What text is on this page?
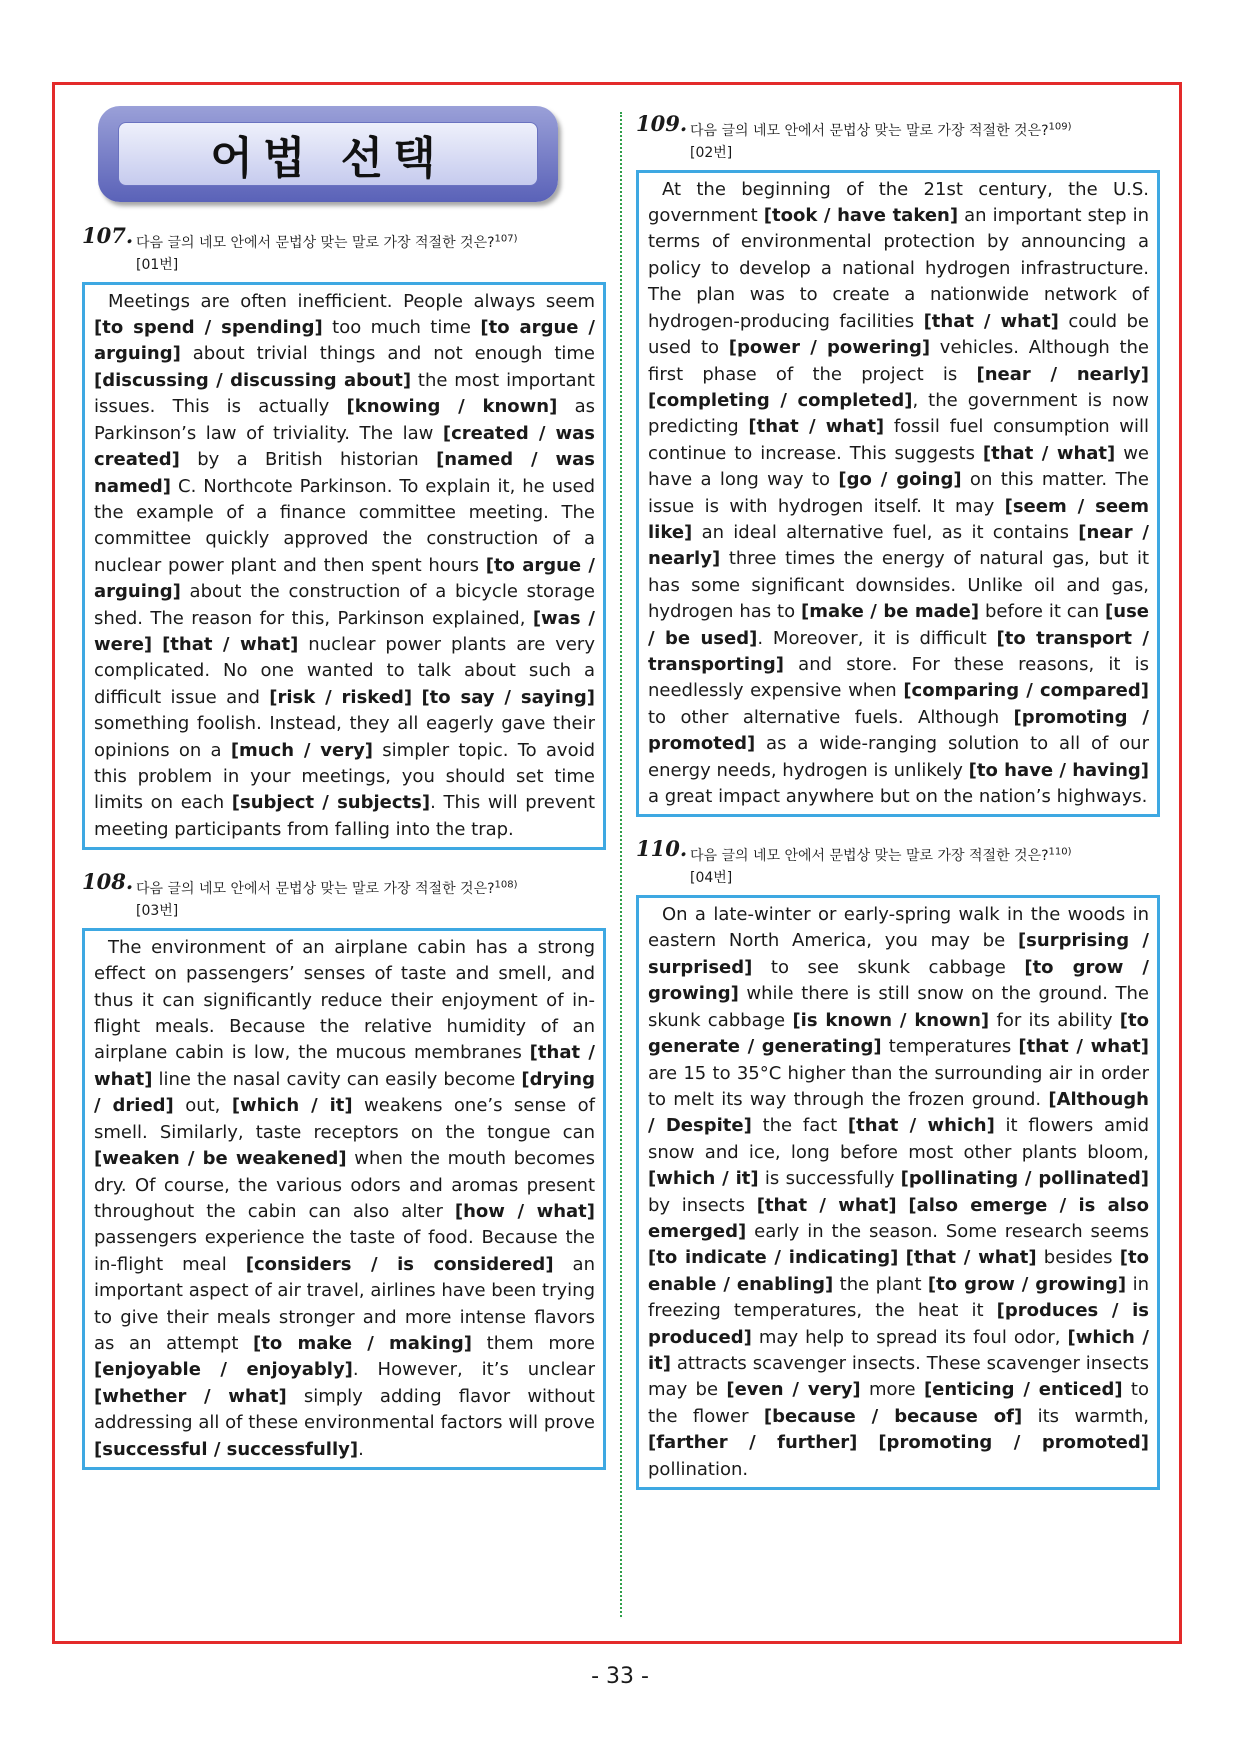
어법 선택
107. 다음 글의 네모 안에서 문법상 맞는 말로 가장 적절한 것은?$^{107)}$
[01번]
Meetings are often inefficient. People always seem [to spend / spending] too much time [to argue / arguing] about trivial things and not enough time [discussing / discussing about] the most important issues. This is actually [knowing / known] as Parkinson’s law of triviality. The law [created / was created] by a British historian [named / was named] C. Northcote Parkinson. To explain it, he used the example of a finance committee meeting. The committee quickly approved the construction of a nuclear power plant and then spent hours [to argue / arguing] about the construction of a bicycle storage shed. The reason for this, Parkinson explained, [was / were] [that / what] nuclear power plants are very complicated. No one wanted to talk about such a difficult issue and [risk / risked] [to say / saying] something foolish. Instead, they all eagerly gave their opinions on a [much / very] simpler topic. To avoid this problem in your meetings, you should set time limits on each [subject / subjects]. This will prevent meeting participants from falling into the trap.
108. 다음 글의 네모 안에서 문법상 맞는 말로 가장 적절한 것은?$^{108)}$
[03번]
The environment of an airplane cabin has a strong effect on passengers’ senses of taste and smell, and thus it can significantly reduce their enjoyment of in-flight meals. Because the relative humidity of an airplane cabin is low, the mucous membranes [that / what] line the nasal cavity can easily become [drying / dried] out, [which / it] weakens one’s sense of smell. Similarly, taste receptors on the tongue can [weaken / be weakened] when the mouth becomes dry. Of course, the various odors and aromas present throughout the cabin can also alter [how / what] passengers experience the taste of food. Because the in-flight meal [considers / is considered] an important aspect of air travel, airlines have been trying to give their meals stronger and more intense flavors as an attempt [to make / making] them more [enjoyable / enjoyably]. However, it’s unclear [whether / what] simply adding flavor without addressing all of these environmental factors will prove [successful / successfully].
109. 다음 글의 네모 안에서 문법상 맞는 말로 가장 적절한 것은?$^{109)}$
[02번]
At the beginning of the 21st century, the U.S. government [took / have taken] an important step in terms of environmental protection by announcing a policy to develop a national hydrogen infrastructure. The plan was to create a nationwide network of hydrogen-producing facilities [that / what] could be used to [power / powering] vehicles. Although the first phase of the project is [near / nearly] [completing / completed], the government is now predicting [that / what] fossil fuel consumption will continue to increase. This suggests [that / what] we have a long way to [go / going] on this matter. The issue is with hydrogen itself. It may [seem / seem like] an ideal alternative fuel, as it contains [near / nearly] three times the energy of natural gas, but it has some significant downsides. Unlike oil and gas, hydrogen has to [make / be made] before it can [use / be used]. Moreover, it is difficult [to transport / transporting] and store. For these reasons, it is needlessly expensive when [comparing / compared] to other alternative fuels. Although [promoting / promoted] as a wide-ranging solution to all of our energy needs, hydrogen is unlikely [to have / having] a great impact anywhere but on the nation’s highways.
110. 다음 글의 네모 안에서 문법상 맞는 말로 가장 적절한 것은?$^{110)}$
[04번]
On a late-winter or early-spring walk in the woods in eastern North America, you may be [surprising / surprised] to see skunk cabbage [to grow / growing] while there is still snow on the ground. The skunk cabbage [is known / known] for its ability [to generate / generating] temperatures [that / what] are 15 to 35°C higher than the surrounding air in order to melt its way through the frozen ground. [Although / Despite] the fact [that / which] it flowers amid snow and ice, long before most other plants bloom, [which / it] is successfully [pollinating / pollinated] by insects [that / what] [also emerge / is also emerged] early in the season. Some research seems [to indicate / indicating] [that / what] besides [to enable / enabling] the plant [to grow / growing] in freezing temperatures, the heat it [produces / is produced] may help to spread its foul odor, [which / it] attracts scavenger insects. These scavenger insects may be [even / very] more [enticing / enticed] to the flower [because / because of] its warmth, [farther / further] [promoting / promoted] pollination.
- 33 -
